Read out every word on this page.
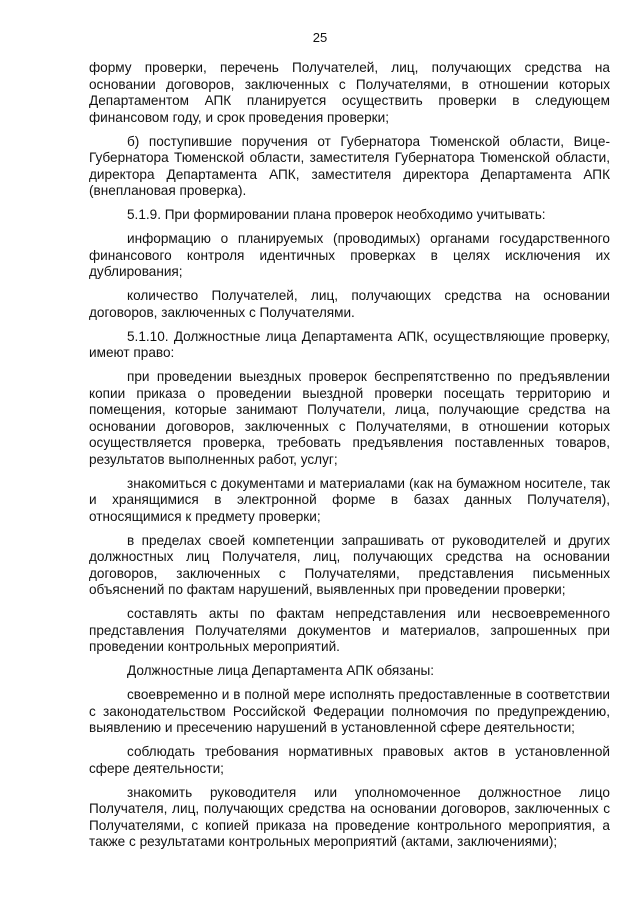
25

форму проверки, перечень Получателей, лиц, получающих средства на основании договоров, заключенных с Получателями, в отношении которых Департаментом АПК планируется осуществить проверки в следующем финансовом году, и срок проведения проверки;

б) поступившие поручения от Губернатора Тюменской области, Вице-Губернатора Тюменской области, заместителя Губернатора Тюменской области, директора Департамента АПК, заместителя директора Департамента АПК (внеплановая проверка).

5.1.9. При формировании плана проверок необходимо учитывать:

информацию о планируемых (проводимых) органами государственного финансового контроля идентичных проверках в целях исключения их дублирования;

количество Получателей, лиц, получающих средства на основании договоров, заключенных с Получателями.

5.1.10. Должностные лица Департамента АПК, осуществляющие проверку, имеют право:

при проведении выездных проверок беспрепятственно по предъявлении копии приказа о проведении выездной проверки посещать территорию и помещения, которые занимают Получатели, лица, получающие средства на основании договоров, заключенных с Получателями, в отношении которых осуществляется проверка, требовать предъявления поставленных товаров, результатов выполненных работ, услуг;

знакомиться с документами и материалами (как на бумажном носителе, так и хранящимися в электронной форме в базах данных Получателя), относящимися к предмету проверки;

в пределах своей компетенции запрашивать от руководителей и других должностных лиц Получателя, лиц, получающих средства на основании договоров, заключенных с Получателями, представления письменных объяснений по фактам нарушений, выявленных при проведении проверки;

составлять акты по фактам непредставления или несвоевременного представления Получателями документов и материалов, запрошенных при проведении контрольных мероприятий.

Должностные лица Департамента АПК обязаны:

своевременно и в полной мере исполнять предоставленные в соответствии с законодательством Российской Федерации полномочия по предупреждению, выявлению и пресечению нарушений в установленной сфере деятельности;

соблюдать требования нормативных правовых актов в установленной сфере деятельности;

знакомить руководителя или уполномоченное должностное лицо Получателя, лиц, получающих средства на основании договоров, заключенных с Получателями, с копией приказа на проведение контрольного мероприятия, а также с результатами контрольных мероприятий (актами, заключениями);
